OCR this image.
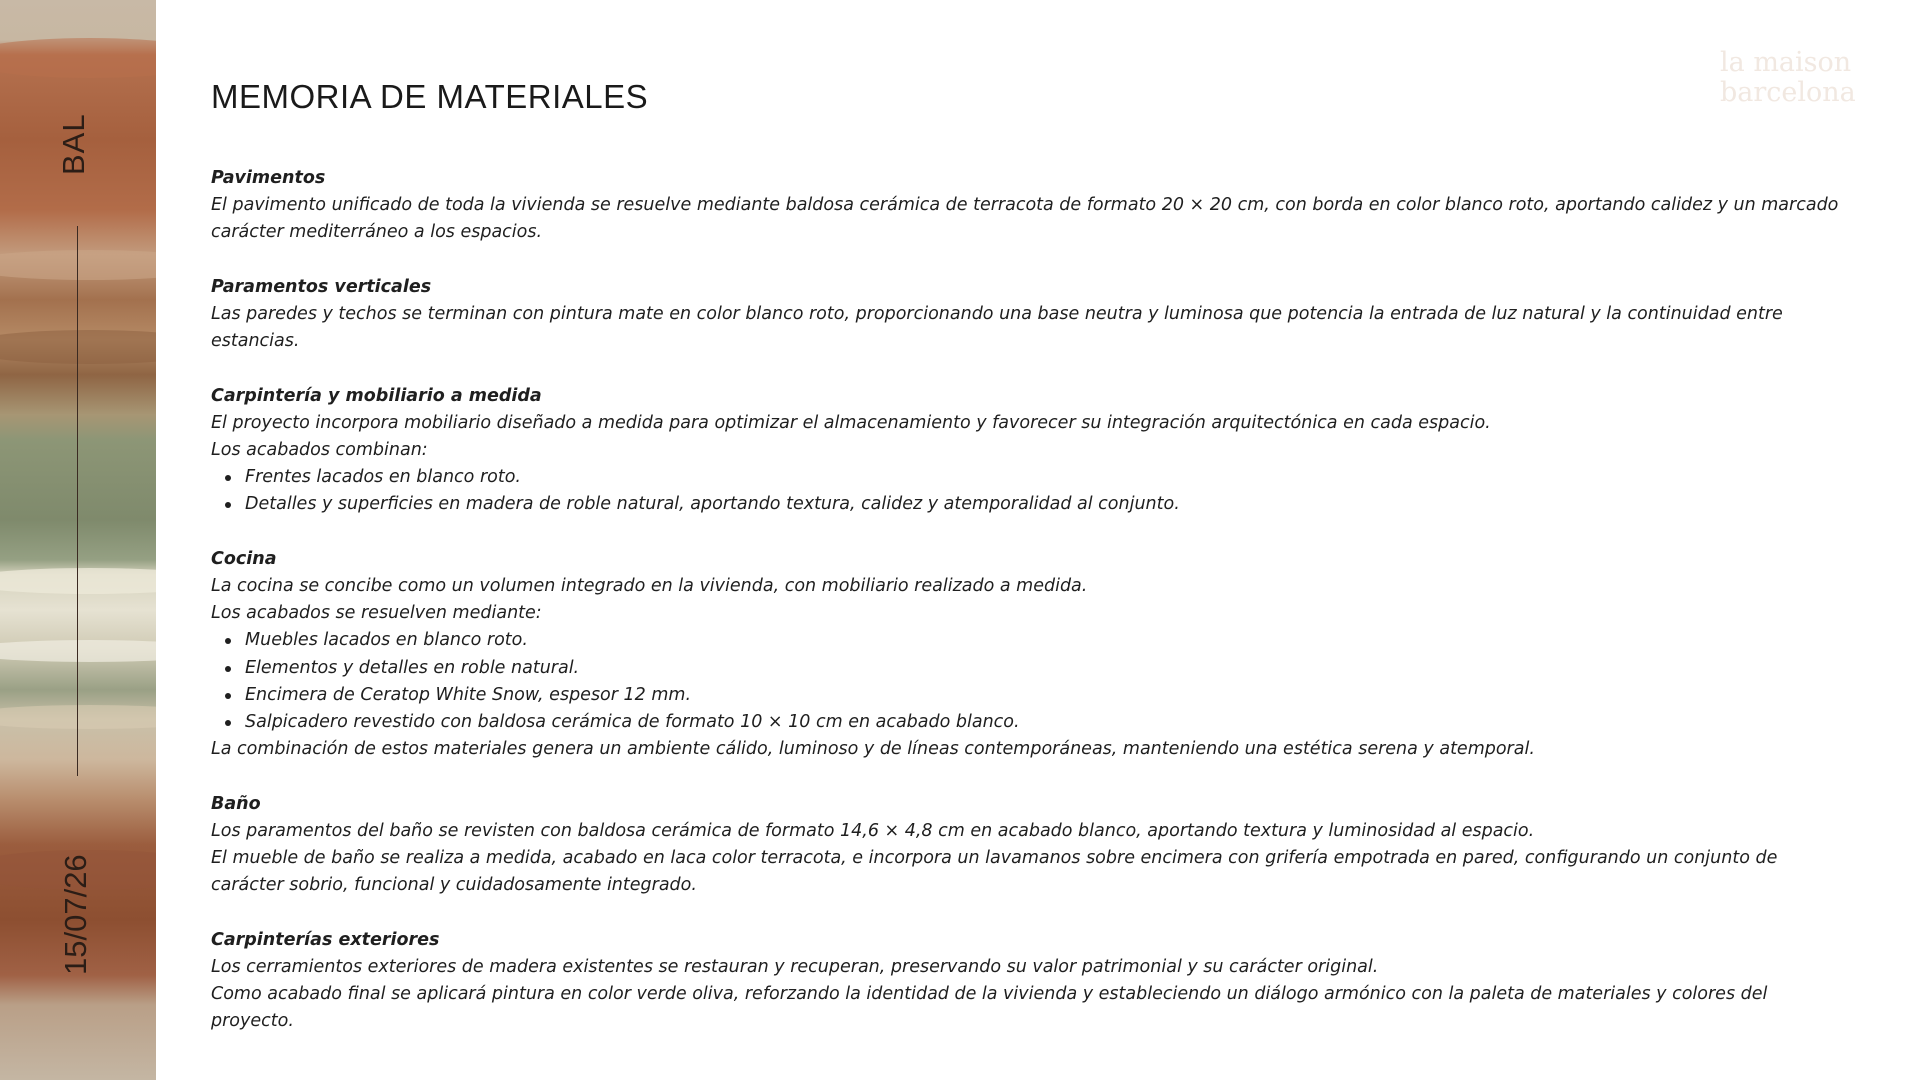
BAL
15/07/26
la maison
barcelona
MEMORIA DE MATERIALES
Pavimentos

El pavimento unificado de toda la vivienda se resuelve mediante baldosa cerámica de terracota de formato 20 × 20 cm, con borda en color blanco roto, aportando calidez y un marcado carácter mediterráneo a los espacios.

Paramentos verticales

Las paredes y techos se terminan con pintura mate en color blanco roto, proporcionando una base neutra y luminosa que potencia la entrada de luz natural y la continuidad entre estancias.

Carpintería y mobiliario a medida

El proyecto incorpora mobiliario diseñado a medida para optimizar el almacenamiento y favorecer su integración arquitectónica en cada espacio.

Los acabados combinan:

Frentes lacados en blanco roto.
Detalles y superficies en madera de roble natural, aportando textura, calidez y atemporalidad al conjunto.
Cocina

La cocina se concibe como un volumen integrado en la vivienda, con mobiliario realizado a medida.

Los acabados se resuelven mediante:

Muebles lacados en blanco roto.
Elementos y detalles en roble natural.
Encimera de Ceratop White Snow, espesor 12 mm.
Salpicadero revestido con baldosa cerámica de formato 10 × 10 cm en acabado blanco.

La combinación de estos materiales genera un ambiente cálido, luminoso y de líneas contemporáneas, manteniendo una estética serena y atemporal.

Baño

Los paramentos del baño se revisten con baldosa cerámica de formato 14,6 × 4,8 cm en acabado blanco, aportando textura y luminosidad al espacio.

El mueble de baño se realiza a medida, acabado en laca color terracota, e incorpora un lavamanos sobre encimera con grifería empotrada en pared, configurando un conjunto de carácter sobrio, funcional y cuidadosamente integrado.

Carpinterías exteriores

Los cerramientos exteriores de madera existentes se restauran y recuperan, preservando su valor patrimonial y su carácter original.

Como acabado final se aplicará pintura en color verde oliva, reforzando la identidad de la vivienda y estableciendo un diálogo armónico con la paleta de materiales y colores del proyecto.
